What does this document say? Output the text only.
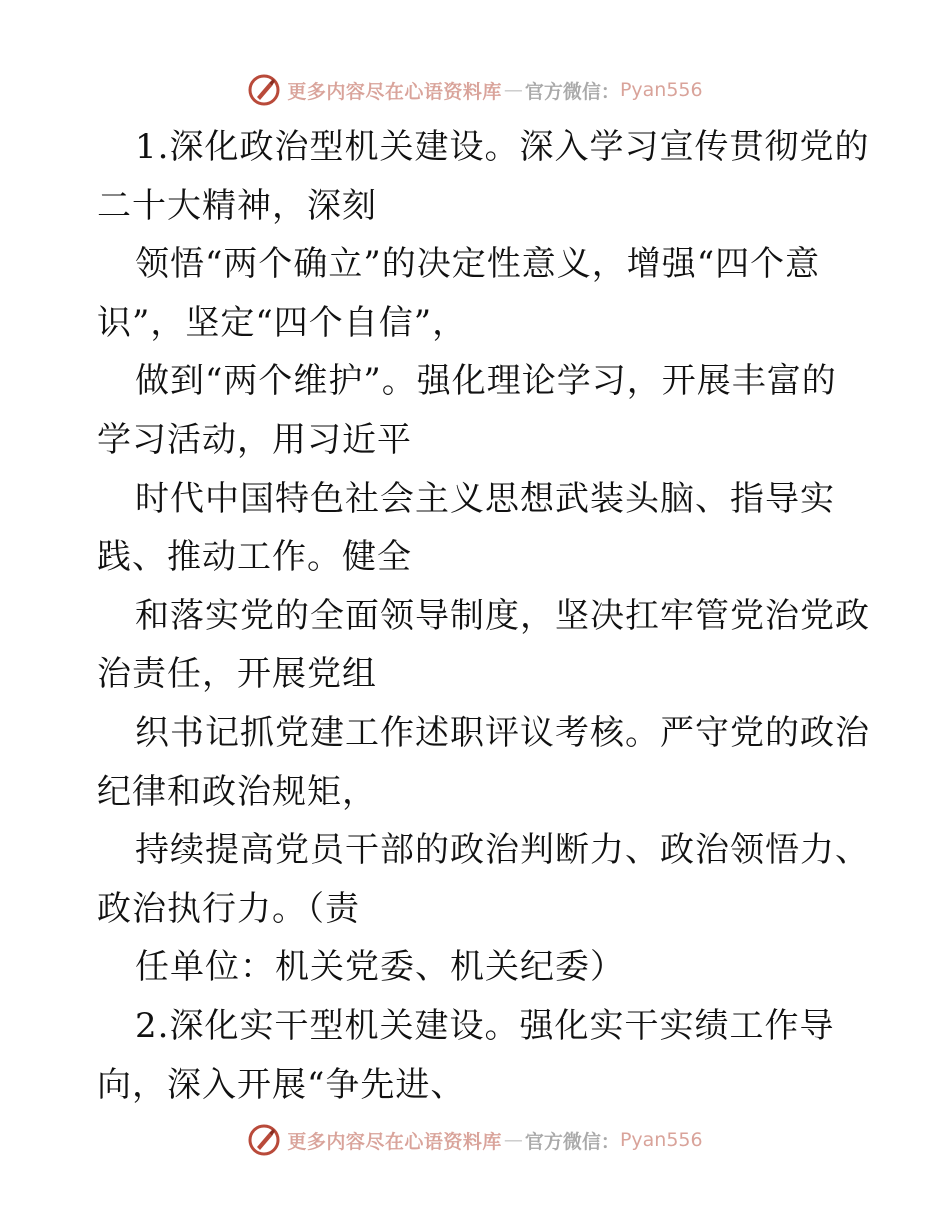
更多内容尽在心语资料库 — 官方微信： Pyan556
1.深化政治型机关建设。深入学习宣传贯彻党的
二十大精神，深刻
领悟“两个确立”的决定性意义，增强“四个意
识”，坚定“四个自信”，
做到“两个维护”。强化理论学习，开展丰富的
学习活动，用习近平
时代中国特色社会主义思想武装头脑、指导实
践、推动工作。健全
和落实党的全面领导制度，坚决扛牢管党治党政
治责任，开展党组
织书记抓党建工作述职评议考核。严守党的政治
纪律和政治规矩，
持续提高党员干部的政治判断力、政治领悟力、
政治执行力。（责
任单位：机关党委、机关纪委）
2.深化实干型机关建设。强化实干实绩工作导
向，深入开展“争先进、
更多内容尽在心语资料库 — 官方微信： Pyan556
